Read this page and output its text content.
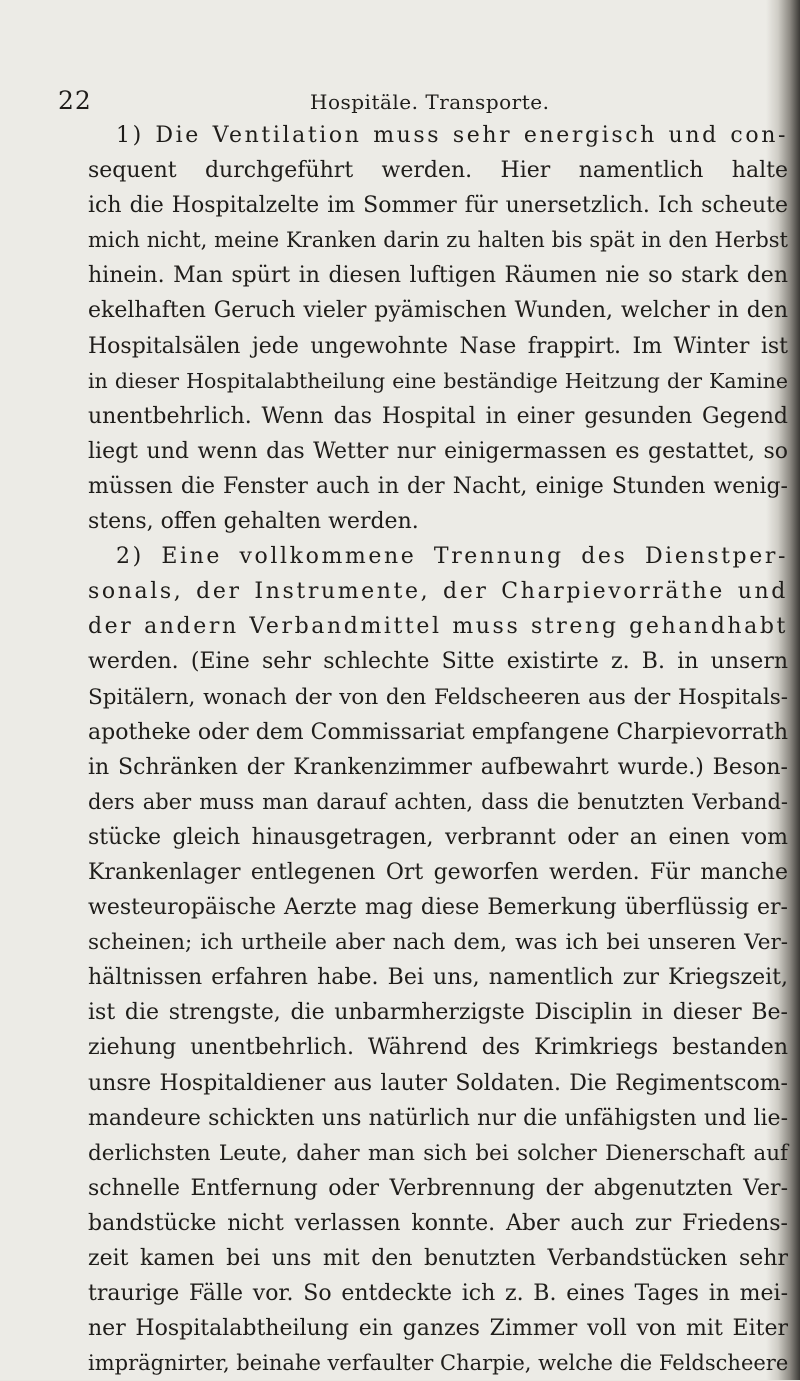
22	Hospitäle. Transporte.
1) Die Ventilation muss sehr energisch und con-
sequent durchgeführt werden. Hier namentlich halte
ich die Hospitalzelte im Sommer für unersetzlich. Ich scheute
mich nicht, meine Kranken darin zu halten bis spät in den Herbst
hinein. Man spürt in diesen luftigen Räumen nie so stark den
ekelhaften Geruch vieler pyämischen Wunden, welcher in den
Hospitalsälen jede ungewohnte Nase frappirt. Im Winter ist
in dieser Hospitalabtheilung eine beständige Heitzung der Kamine
unentbehrlich. Wenn das Hospital in einer gesunden Gegend
liegt und wenn das Wetter nur einigermassen es gestattet, so
müssen die Fenster auch in der Nacht, einige Stunden wenig-
stens, offen gehalten werden.
2) Eine vollkommene Trennung des Dienstper-
sonals, der Instrumente, der Charpievorräthe und
der andern Verbandmittel muss streng gehandhabt
werden. (Eine sehr schlechte Sitte existirte z. B. in unsern
Spitälern, wonach der von den Feldscheeren aus der Hospitals-
apotheke oder dem Commissariat empfangene Charpievorrath
in Schränken der Krankenzimmer aufbewahrt wurde.) Beson-
ders aber muss man darauf achten, dass die benutzten Verband-
stücke gleich hinausgetragen, verbrannt oder an einen vom
Krankenlager entlegenen Ort geworfen werden. Für manche
westeuropäische Aerzte mag diese Bemerkung überflüssig er-
scheinen; ich urtheile aber nach dem, was ich bei unseren Ver-
hältnissen erfahren habe. Bei uns, namentlich zur Kriegszeit,
ist die strengste, die unbarmherzigste Disciplin in dieser Be-
ziehung unentbehrlich. Während des Krimkriegs bestanden
unsre Hospitaldiener aus lauter Soldaten. Die Regimentscom-
mandeure schickten uns natürlich nur die unfähigsten und lie-
derlichsten Leute, daher man sich bei solcher Dienerschaft auf
schnelle Entfernung oder Verbrennung der abgenutzten Ver-
bandstücke nicht verlassen konnte. Aber auch zur Friedens-
zeit kamen bei uns mit den benutzten Verbandstücken sehr
traurige Fälle vor. So entdeckte ich z. B. eines Tages in mei-
ner Hospitalabtheilung ein ganzes Zimmer voll von mit Eiter
imprägnirter, beinahe verfaulter Charpie, welche die Feldscheere
